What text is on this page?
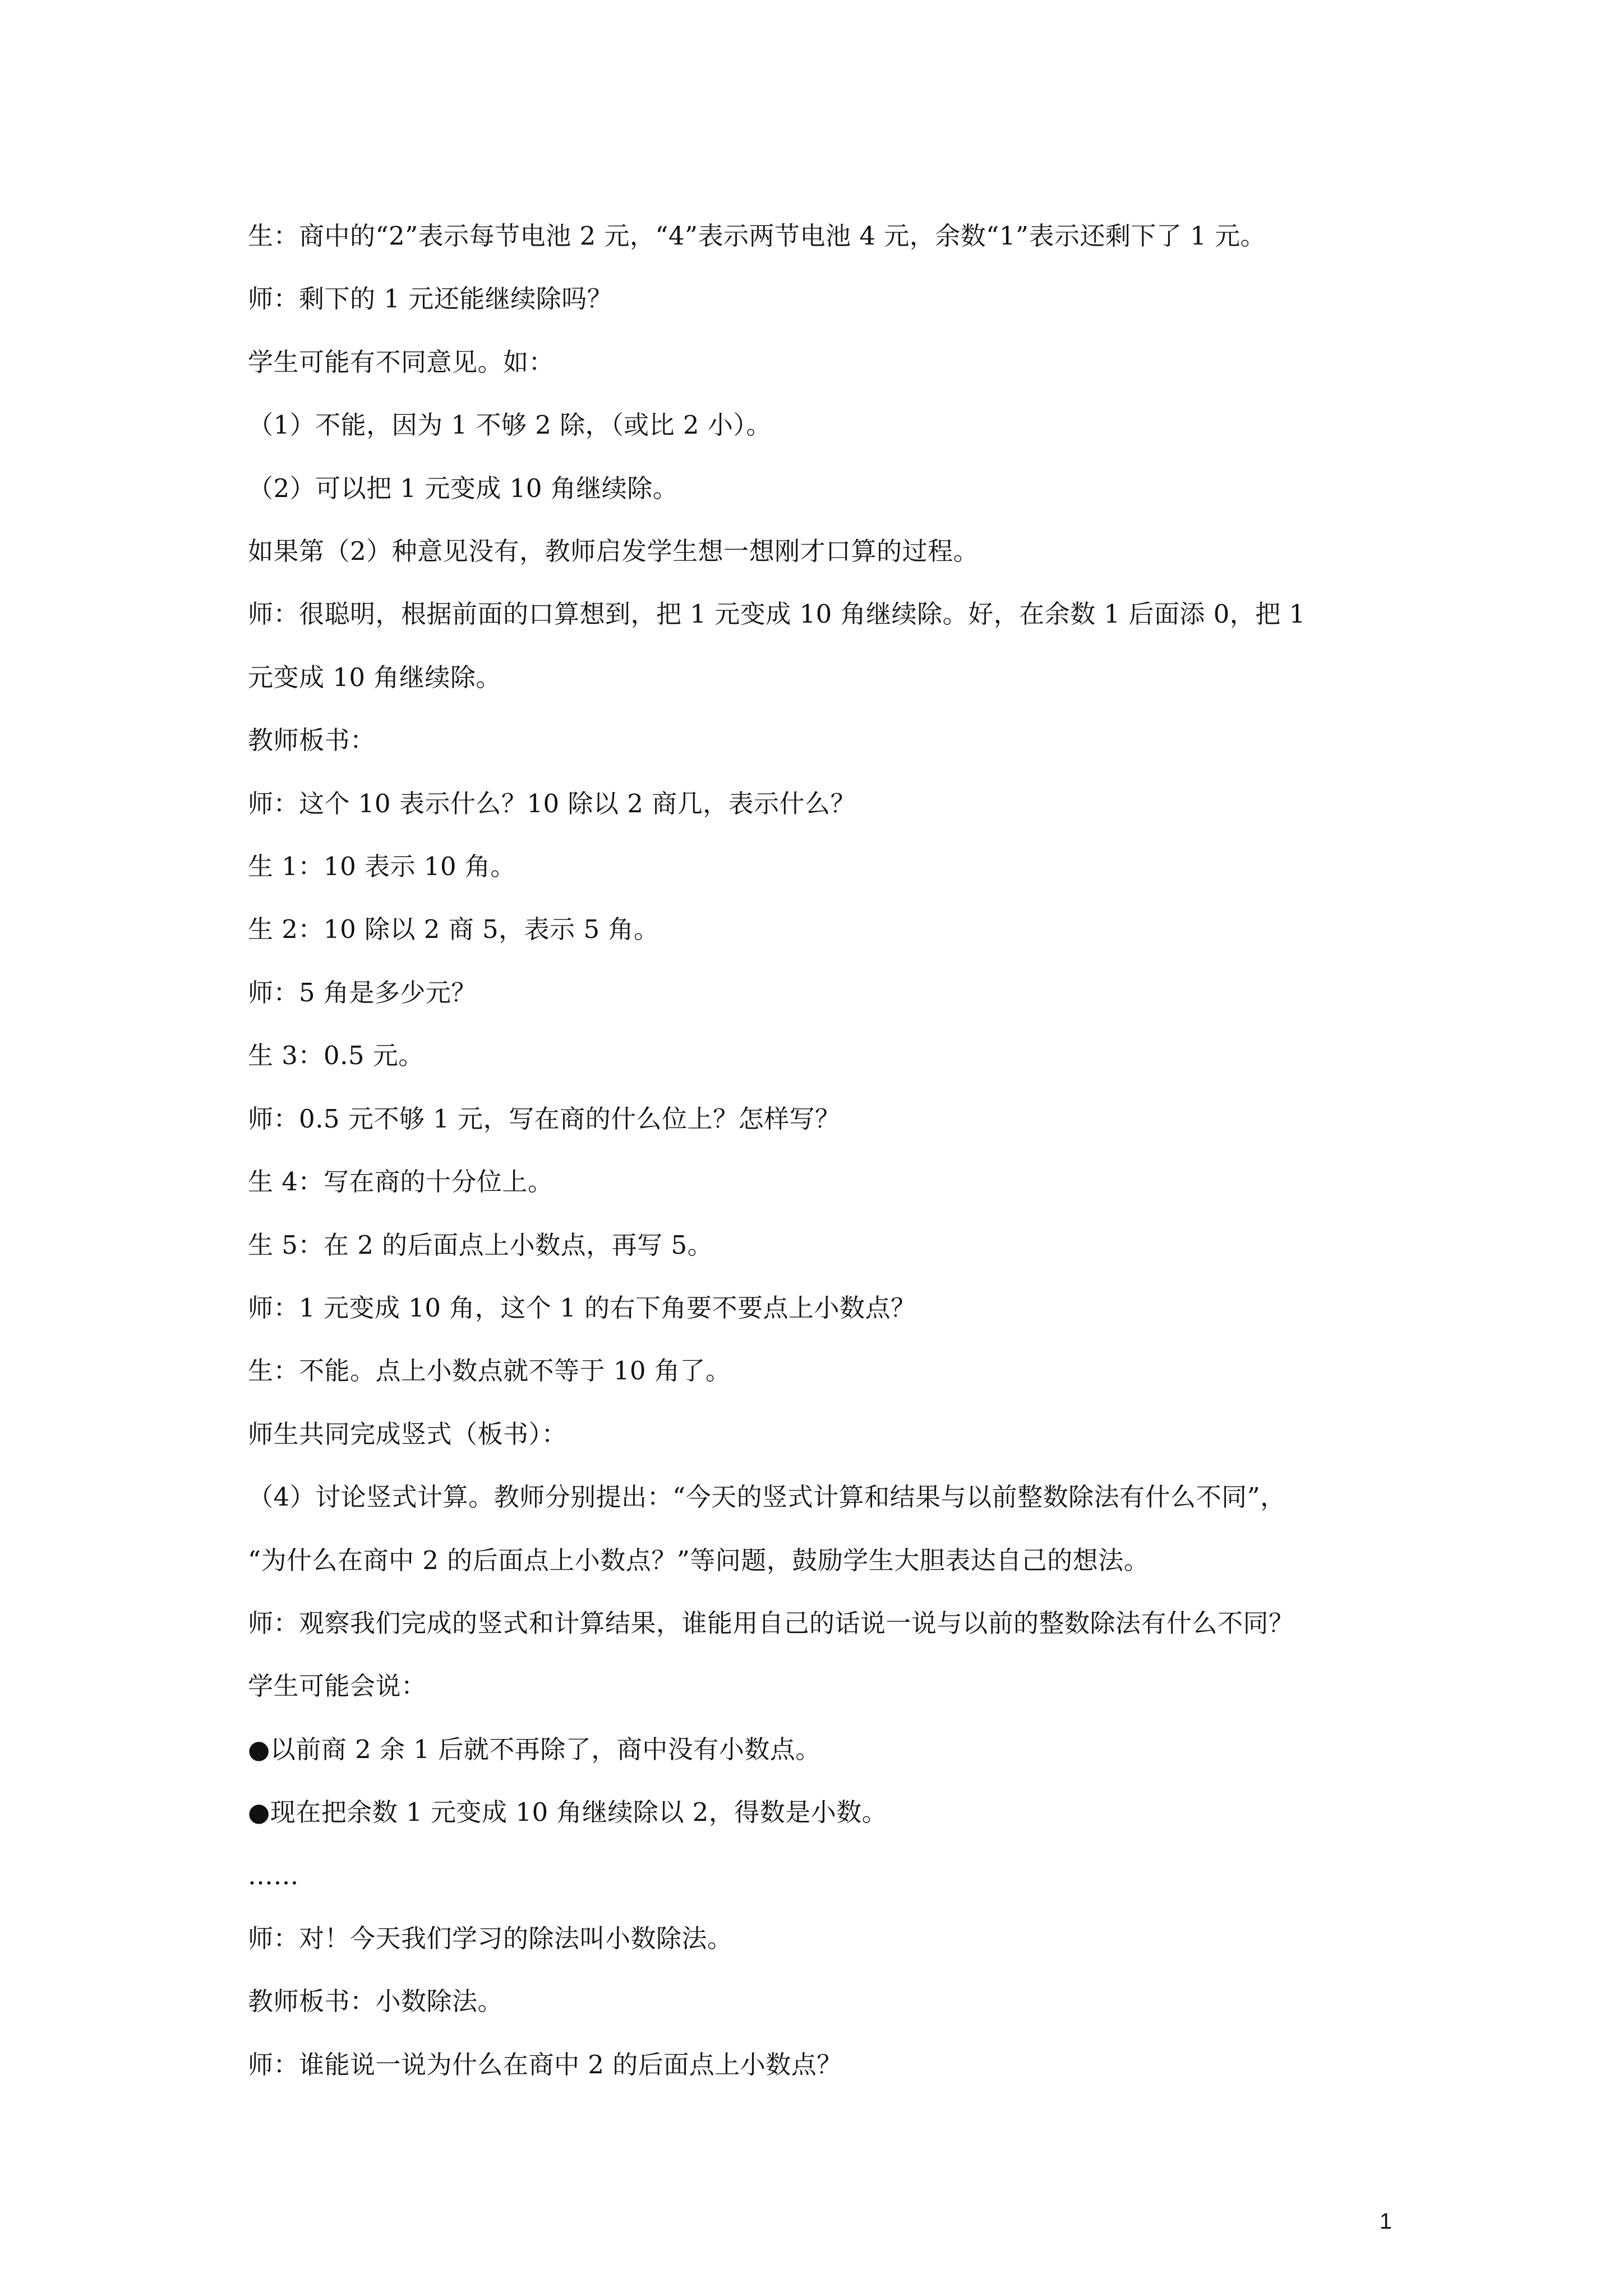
生：商中的“2”表示每节电池 2 元，“4”表示两节电池 4 元，余数“1”表示还剩下了 1 元。
师：剩下的 1 元还能继续除吗？
学生可能有不同意见。如：
（1）不能，因为 1 不够 2 除，（或比 2 小）。
（2）可以把 1 元变成 10 角继续除。
如果第（2）种意见没有，教师启发学生想一想刚才口算的过程。
师：很聪明，根据前面的口算想到，把 1 元变成 10 角继续除。好，在余数 1 后面添 0，把 1
元变成 10 角继续除。
教师板书：
师：这个 10 表示什么？10 除以 2 商几，表示什么？
生 1：10 表示 10 角。
生 2：10 除以 2 商 5，表示 5 角。
师：5 角是多少元？
生 3：0.5 元。
师：0.5 元不够 1 元，写在商的什么位上？怎样写？
生 4：写在商的十分位上。
生 5：在 2 的后面点上小数点，再写 5。
师：1 元变成 10 角，这个 1 的右下角要不要点上小数点？
生：不能。点上小数点就不等于 10 角了。
师生共同完成竖式（板书）：
（4）讨论竖式计算。教师分别提出：“今天的竖式计算和结果与以前整数除法有什么不同”，
“为什么在商中 2 的后面点上小数点？”等问题，鼓励学生大胆表达自己的想法。
师：观察我们完成的竖式和计算结果，谁能用自己的话说一说与以前的整数除法有什么不同？
学生可能会说：
●以前商 2 余 1 后就不再除了，商中没有小数点。
●现在把余数 1 元变成 10 角继续除以 2，得数是小数。
……
师：对！今天我们学习的除法叫小数除法。
教师板书：小数除法。
师：谁能说一说为什么在商中 2 的后面点上小数点？
1
